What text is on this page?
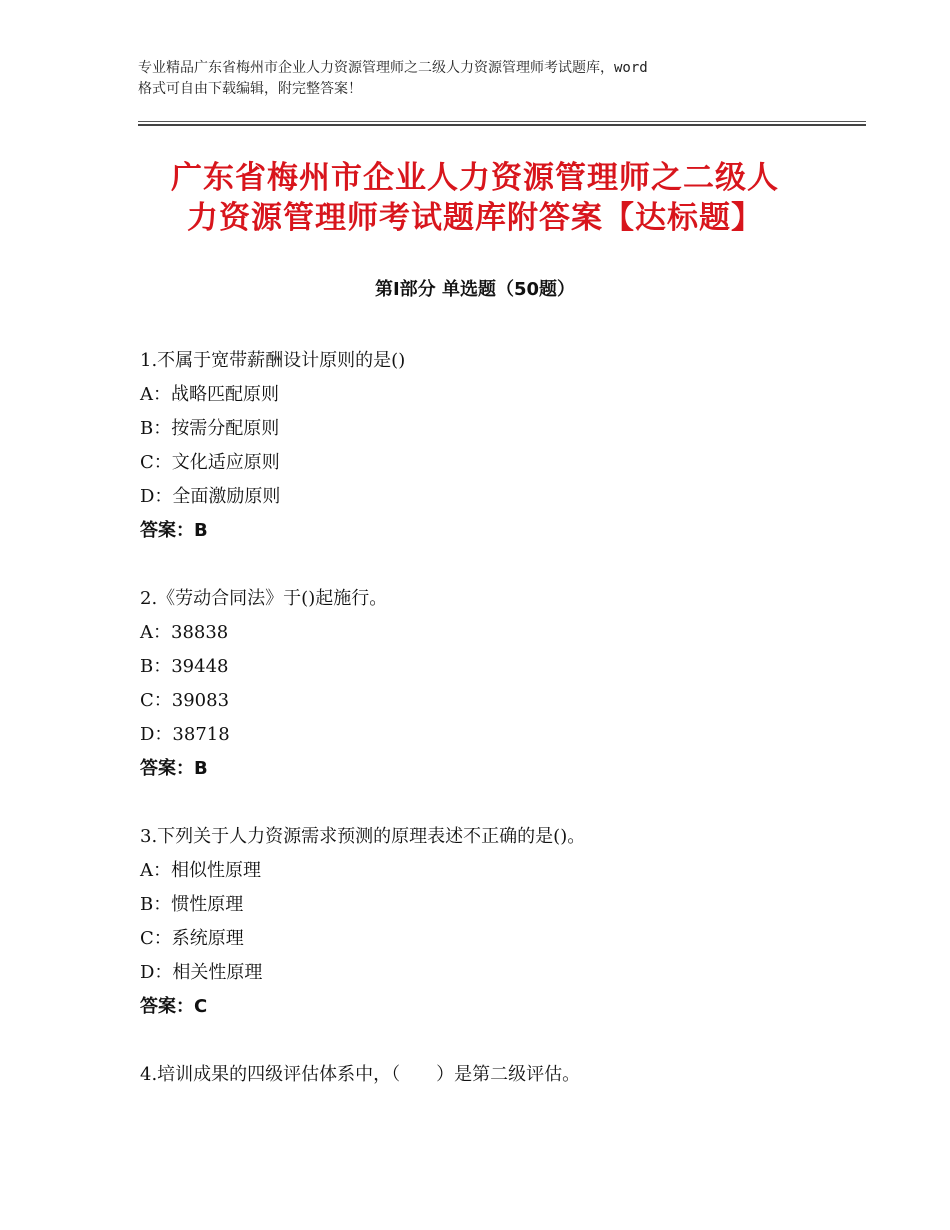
专业精品广东省梅州市企业人力资源管理师之二级人力资源管理师考试题库，word
格式可自由下载编辑，附完整答案！
广东省梅州市企业人力资源管理师之二级人
力资源管理师考试题库附答案【达标题】
第Ⅰ部分 单选题（50题）
1.不属于宽带薪酬设计原则的是()
A：战略匹配原则
B：按需分配原则
C：文化适应原则
D：全面激励原则
答案：B
2.《劳动合同法》于()起施行。
A：38838
B：39448
C：39083
D：38718
答案：B
3.下列关于人力资源需求预测的原理表述不正确的是()。
A：相似性原理
B：惯性原理
C：系统原理
D：相关性原理
答案：C
4.培训成果的四级评估体系中，（　　）是第二级评估。
